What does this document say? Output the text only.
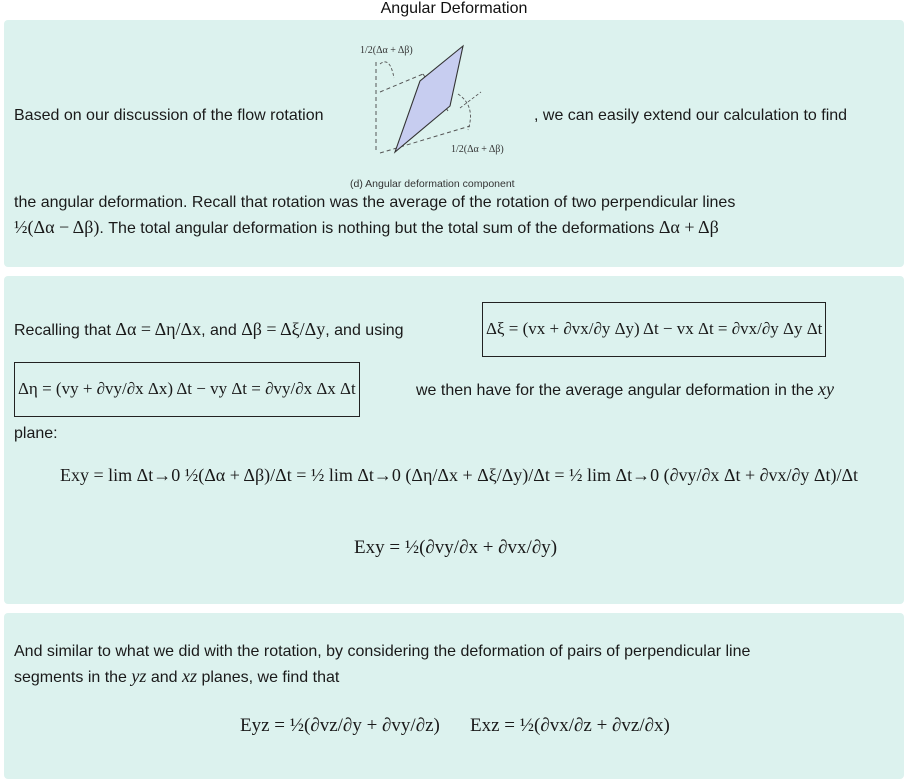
Angular Deformation
Based on our discussion of the flow rotation
1/2(Δα + Δβ)
1/2(Δα + Δβ)
(d) Angular deformation component
, we can easily extend our calculation to find
the angular deformation. Recall that rotation was the average of the rotation of two perpendicular lines
½(Δα − Δβ). The total angular deformation is nothing but the total sum of the deformations Δα + Δβ
Recalling that Δα = Δη/Δx, and Δβ = Δξ/Δy, and using	Δξ = (vx + ∂vx/∂y Δy) Δt − vx Δt = ∂vx/∂y Δy Δt
Δη = (vy + ∂vy/∂x Δx) Δt − vy Δt = ∂vy/∂x Δx Δt	we then have for the average angular deformation in the xy
plane:
Exy = lim Δt→0 ½(Δα + Δβ)/Δt = ½ lim Δt→0 (Δη/Δx + Δξ/Δy)/Δt = ½ lim Δt→0 (∂vy/∂x Δt + ∂vx/∂y Δt)/Δt
Exy = ½(∂vy/∂x + ∂vx/∂y)
And similar to what we did with the rotation, by considering the deformation of pairs of perpendicular line
segments in the yz and xz planes, we find that
Eyz = ½(∂vz/∂y + ∂vy/∂z) Exz = ½(∂vx/∂z + ∂vz/∂x)
